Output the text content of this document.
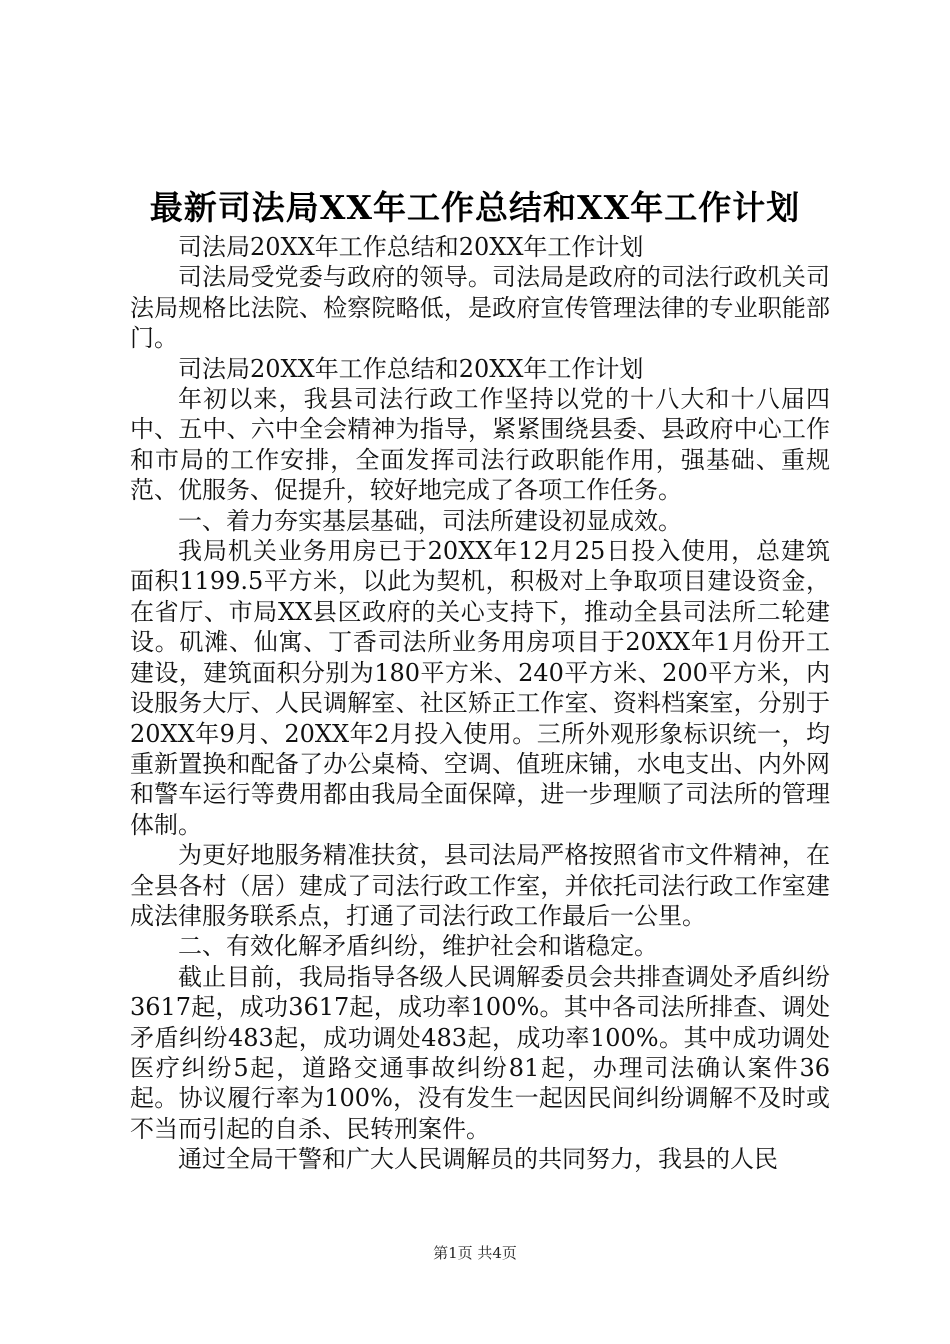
最新司法局XX年工作总结和XX年工作计划

司法局20XX年工作总结和20XX年工作计划

司法局受党委与政府的领导。司法局是政府的司法行政机关司法局规格比法院、检察院略低，是政府宣传管理法律的专业职能部门。

司法局20XX年工作总结和20XX年工作计划

年初以来，我县司法行政工作坚持以党的十八大和十八届四中、五中、六中全会精神为指导，紧紧围绕县委、县政府中心工作和市局的工作安排，全面发挥司法行政职能作用，强基础、重规范、优服务、促提升，较好地完成了各项工作任务。

一、着力夯实基层基础，司法所建设初显成效。

我局机关业务用房已于20XX年12月25日投入使用，总建筑面积1199.5平方米，以此为契机，积极对上争取项目建设资金，在省厅、市局XX县区政府的关心支持下，推动全县司法所二轮建设。矶滩、仙寓、丁香司法所业务用房项目于20XX年1月份开工建设，建筑面积分别为180平方米、240平方米、200平方米，内设服务大厅、人民调解室、社区矫正工作室、资料档案室，分别于20XX年9月、20XX年2月投入使用。三所外观形象标识统一，均重新置换和配备了办公桌椅、空调、值班床铺，水电支出、内外网和警车运行等费用都由我局全面保障，进一步理顺了司法所的管理体制。

为更好地服务精准扶贫，县司法局严格按照省市文件精神，在全县各村（居）建成了司法行政工作室，并依托司法行政工作室建成法律服务联系点，打通了司法行政工作最后一公里。

二、有效化解矛盾纠纷，维护社会和谐稳定。

截止目前，我局指导各级人民调解委员会共排查调处矛盾纠纷3617起，成功3617起，成功率100%。其中各司法所排查、调处矛盾纠纷483起，成功调处483起，成功率100%。其中成功调处医疗纠纷5起，道路交通事故纠纷81起，办理司法确认案件36起。协议履行率为100%，没有发生一起因民间纠纷调解不及时或不当而引起的自杀、民转刑案件。

通过全局干警和广大人民调解员的共同努力，我县的人民

第1页 共4页
